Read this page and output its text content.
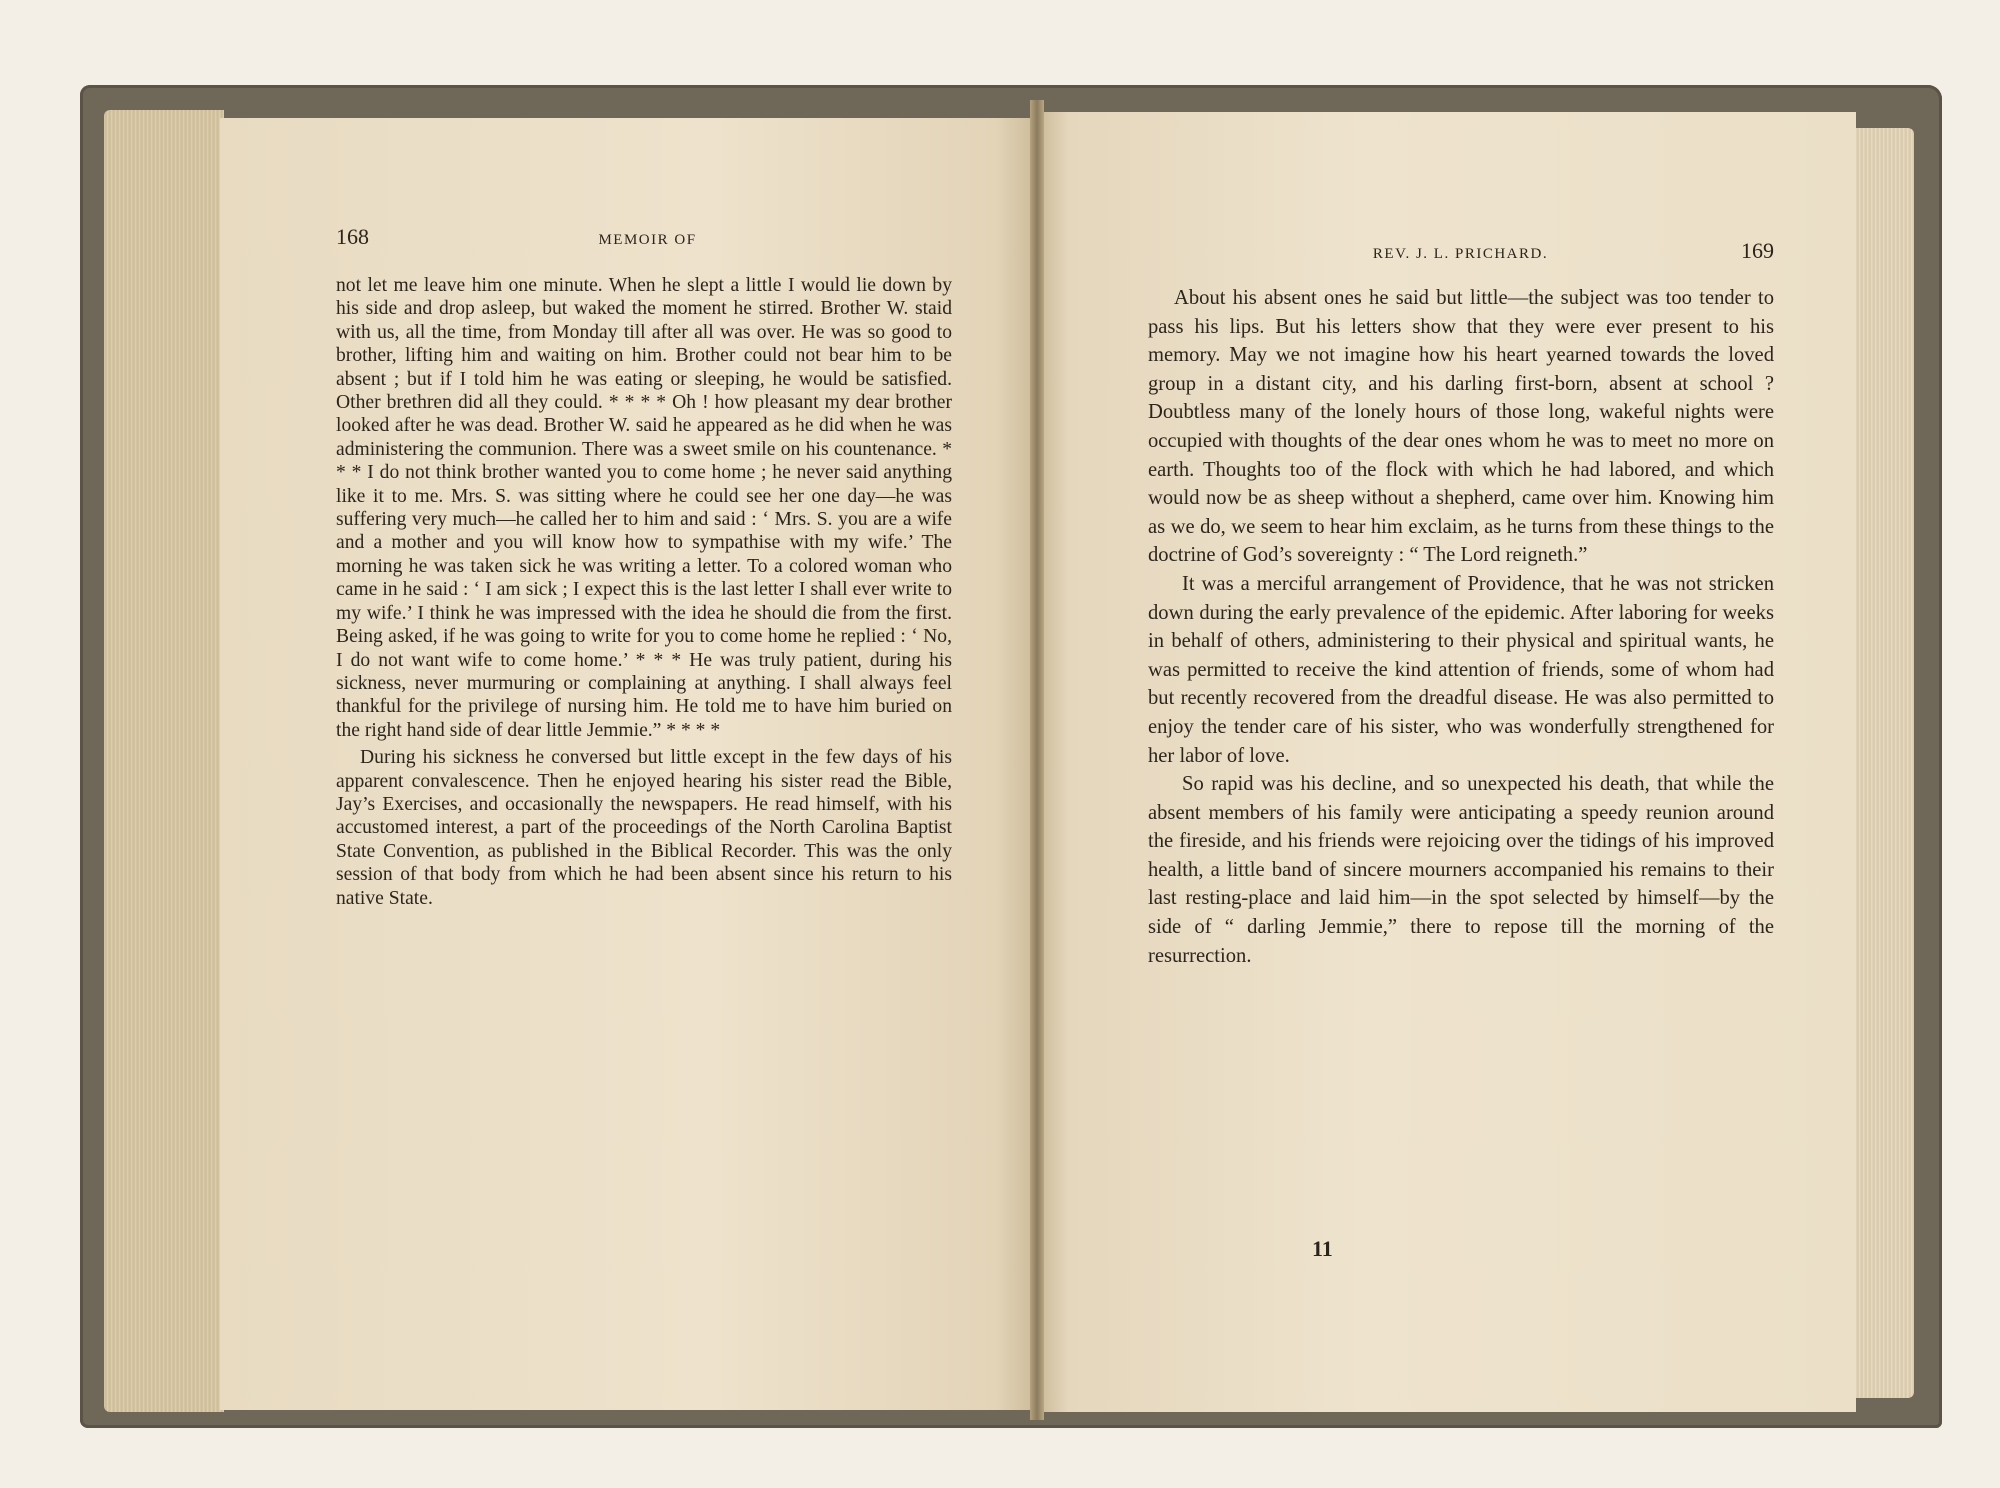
168	MEMOIR OF
REV. J. L. PRICHARD.	169

not let me leave him one minute. When he slept a little I would lie down by his side and drop asleep, but waked the moment he stirred. Brother W. staid with us, all the time, from Monday till after all was over. He was so good to brother, lifting him and waiting on him. Brother could not bear him to be absent ; but if I told him he was eating or sleeping, he would be satisfied. Other brethren did all they could. * * * * Oh ! how pleasant my dear brother looked after he was dead. Brother W. said he appeared as he did when he was administering the communion. There was a sweet smile on his countenance. * * * I do not think brother wanted you to come home ; he never said anything like it to me. Mrs. S. was sitting where he could see her one day—he was suffering very much—he called her to him and said : ‘ Mrs. S. you are a wife and a mother and you will know how to sympathise with my wife.’ The morning he was taken sick he was writing a letter. To a colored woman who came in he said : ‘ I am sick ; I expect this is the last letter I shall ever write to my wife.’ I think he was impressed with the idea he should die from the first. Being asked, if he was going to write for you to come home he replied : ‘ No, I do not want wife to come home.’ * * * He was truly patient, during his sickness, never murmuring or complaining at anything. I shall always feel thankful for the privilege of nursing him. He told me to have him buried on the right hand side of dear little Jemmie.” * * * *

During his sickness he conversed but little except in the few days of his apparent convalescence. Then he enjoyed hearing his sister read the Bible, Jay’s Exercises, and occasionally the newspapers. He read himself, with his accustomed interest, a part of the proceedings of the North Carolina Baptist State Convention, as published in the Biblical Recorder. This was the only session of that body from which he had been absent since his return to his native State.

About his absent ones he said but little—the subject was too tender to pass his lips. But his letters show that they were ever present to his memory. May we not imagine how his heart yearned towards the loved group in a distant city, and his darling first-born, absent at school ? Doubtless many of the lonely hours of those long, wakeful nights were occupied with thoughts of the dear ones whom he was to meet no more on earth. Thoughts too of the flock with which he had labored, and which would now be as sheep without a shepherd, came over him. Knowing him as we do, we seem to hear him exclaim, as he turns from these things to the doctrine of God’s sovereignty : “ The Lord reigneth.”

It was a merciful arrangement of Providence, that he was not stricken down during the early prevalence of the epidemic. After laboring for weeks in behalf of others, administering to their physical and spiritual wants, he was permitted to receive the kind attention of friends, some of whom had but recently recovered from the dreadful disease. He was also permitted to enjoy the tender care of his sister, who was wonderfully strengthened for her labor of love.

So rapid was his decline, and so unexpected his death, that while the absent members of his family were anticipating a speedy reunion around the fireside, and his friends were rejoicing over the tidings of his improved health, a little band of sincere mourners accompanied his remains to their last resting-place and laid him—in the spot selected by himself—by the side of “ darling Jemmie,” there to repose till the morning of the resurrection.

11
